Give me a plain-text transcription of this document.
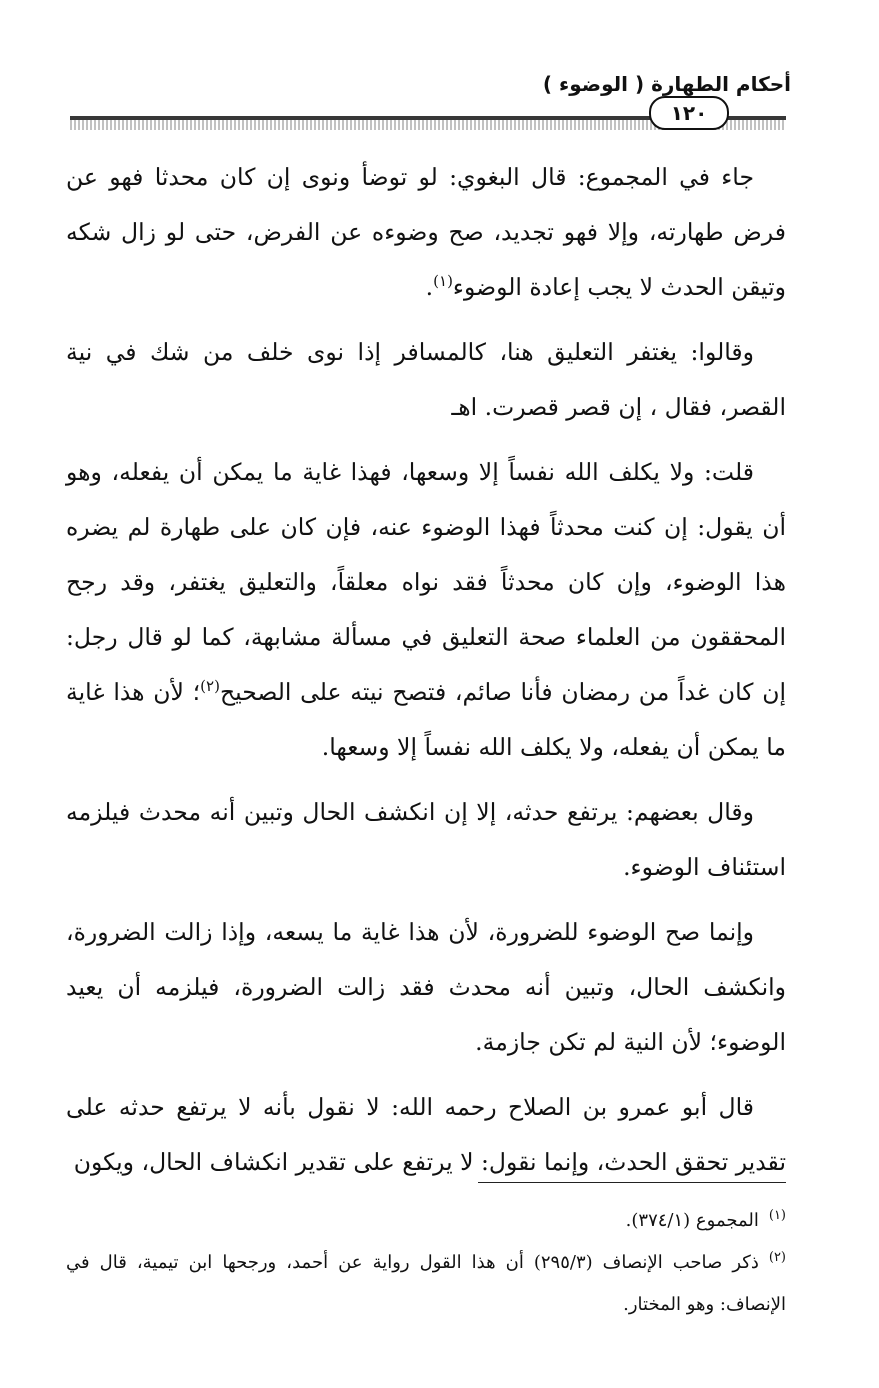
أحكام الطهارة ( الوضوء )
١٢٠

جاء في المجموع: قال البغوي: لو توضأ ونوى إن كان محدثا فهو عن فرض طهارته، وإلا فهو تجديد، صح وضوءه عن الفرض، حتى لو زال شكه وتيقن الحدث لا يجب إعادة الوضوء$^{(١)}$.

وقالوا: يغتفر التعليق هنا، كالمسافر إذا نوى خلف من شك في نية القصر، فقال ، إن قصر قصرت. اهـ

قلت: ولا يكلف الله نفساً إلا وسعها، فهذا غاية ما يمكن أن يفعله، وهو أن يقول: إن كنت محدثاً فهذا الوضوء عنه، فإن كان على طهارة لم يضره هذا الوضوء، وإن كان محدثاً فقد نواه معلقاً، والتعليق يغتفر، وقد رجح المحققون من العلماء صحة التعليق في مسألة مشابهة، كما لو قال رجل: إن كان غداً من رمضان فأنا صائم، فتصح نيته على الصحيح$^{(٢)}$؛ لأن هذا غاية ما يمكن أن يفعله، ولا يكلف الله نفساً إلا وسعها.

وقال بعضهم: يرتفع حدثه، إلا إن انكشف الحال وتبين أنه محدث فيلزمه استئناف الوضوء.

وإنما صح الوضوء للضرورة، لأن هذا غاية ما يسعه، وإذا زالت الضرورة، وانكشف الحال، وتبين أنه محدث فقد زالت الضرورة، فيلزمه أن يعيد الوضوء؛ لأن النية لم تكن جازمة.

قال أبو عمرو بن الصلاح رحمه الله: لا نقول بأنه لا يرتفع حدثه على تقدير تحقق الحدث، وإنما نقول: لا يرتفع على تقدير انكشاف الحال، ويكون

$^{(١)}$المجموع (٣٧٤/١).

$^{(٢)}$ذكر صاحب الإنصاف (٢٩٥/٣) أن هذا القول رواية عن أحمد، ورجحها ابن تيمية، قال في الإنصاف: وهو المختار.
